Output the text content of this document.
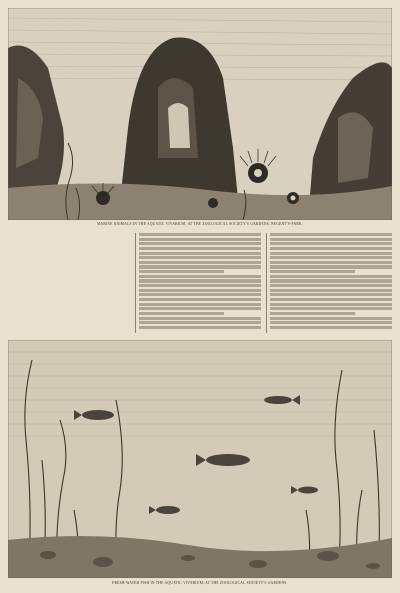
MARINE ANIMALS IN THE AQUATIC VIVARIUM, AT THE ZOOLOGICAL SOCIETY'S GARDENS, REGENT'S-PARK.
FRESH-WATER FISH IN THE AQUATIC VIVARIUM, AT THE ZOOLOGICAL SOCIETY'S GARDENS.
